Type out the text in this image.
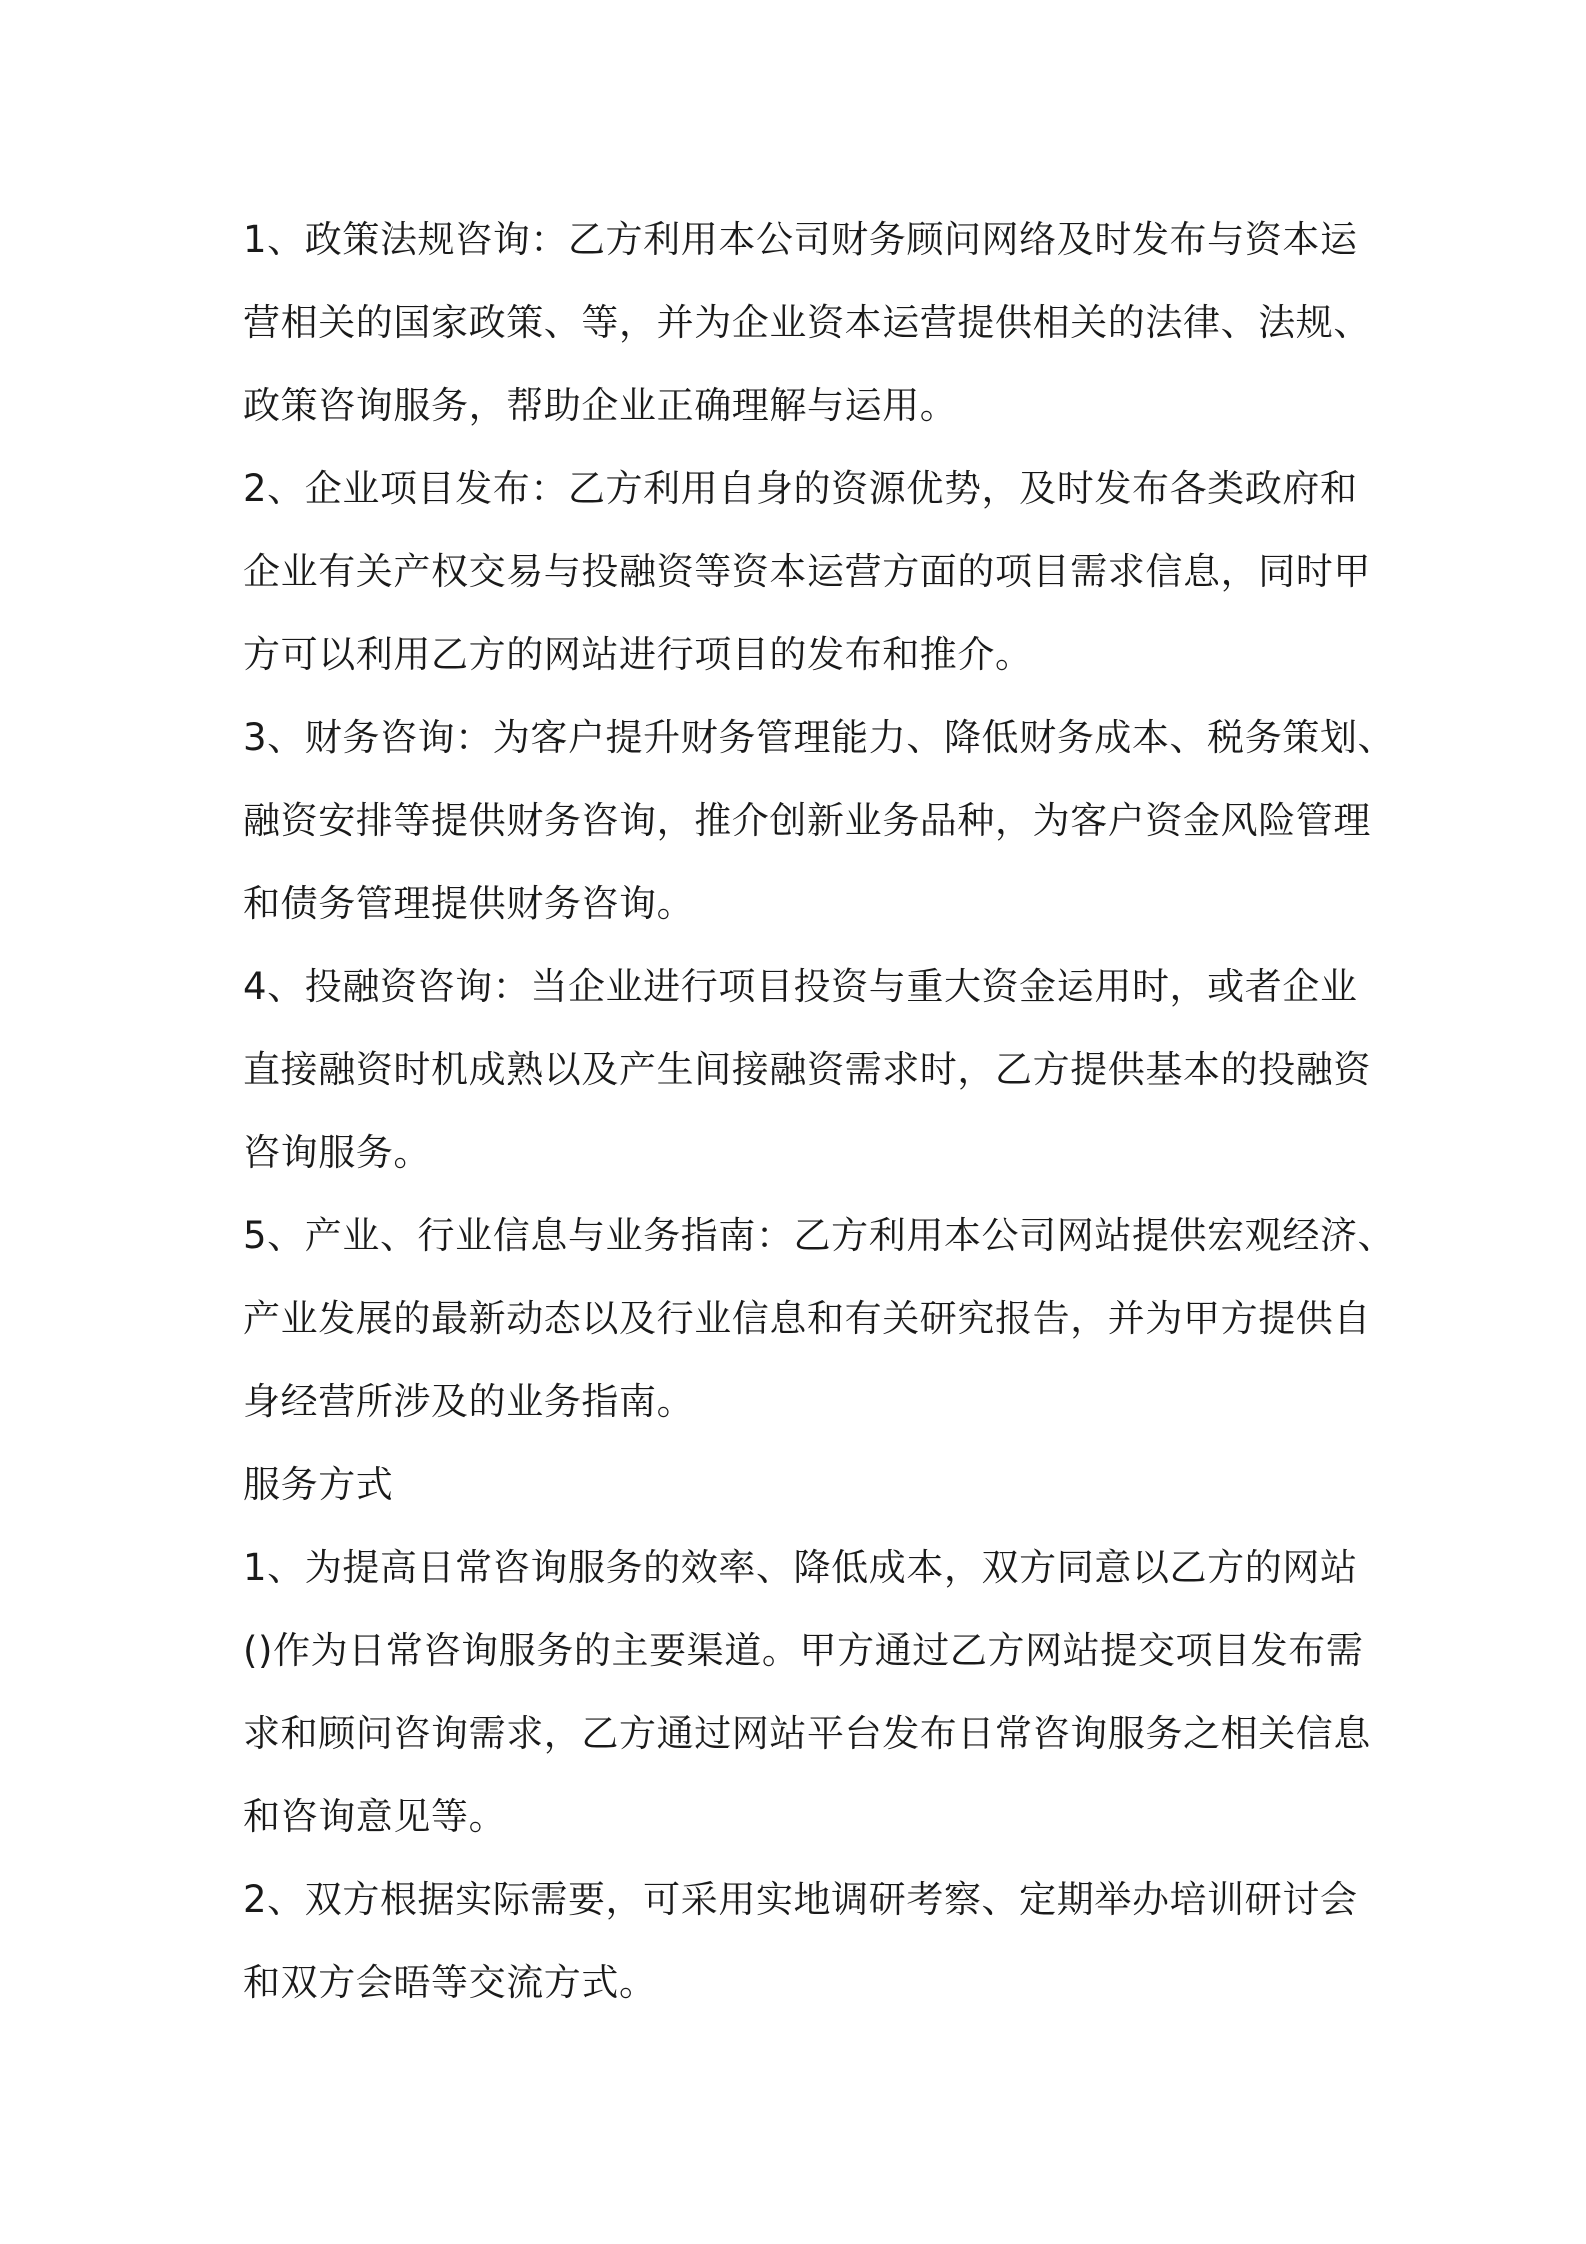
1、政策法规咨询：乙方利用本公司财务顾问网络及时发布与资本运
营相关的国家政策、等，并为企业资本运营提供相关的法律、法规、
政策咨询服务，帮助企业正确理解与运用。
2、企业项目发布：乙方利用自身的资源优势，及时发布各类政府和
企业有关产权交易与投融资等资本运营方面的项目需求信息，同时甲
方可以利用乙方的网站进行项目的发布和推介。
3、财务咨询：为客户提升财务管理能力、降低财务成本、税务策划、
融资安排等提供财务咨询，推介创新业务品种，为客户资金风险管理
和债务管理提供财务咨询。
4、投融资咨询：当企业进行项目投资与重大资金运用时，或者企业
直接融资时机成熟以及产生间接融资需求时，乙方提供基本的投融资
咨询服务。
5、产业、行业信息与业务指南：乙方利用本公司网站提供宏观经济、
产业发展的最新动态以及行业信息和有关研究报告，并为甲方提供自
身经营所涉及的业务指南。
服务方式
1、为提高日常咨询服务的效率、降低成本，双方同意以乙方的网站
()作为日常咨询服务的主要渠道。甲方通过乙方网站提交项目发布需
求和顾问咨询需求，乙方通过网站平台发布日常咨询服务之相关信息
和咨询意见等。
2、双方根据实际需要，可采用实地调研考察、定期举办培训研讨会
和双方会晤等交流方式。
